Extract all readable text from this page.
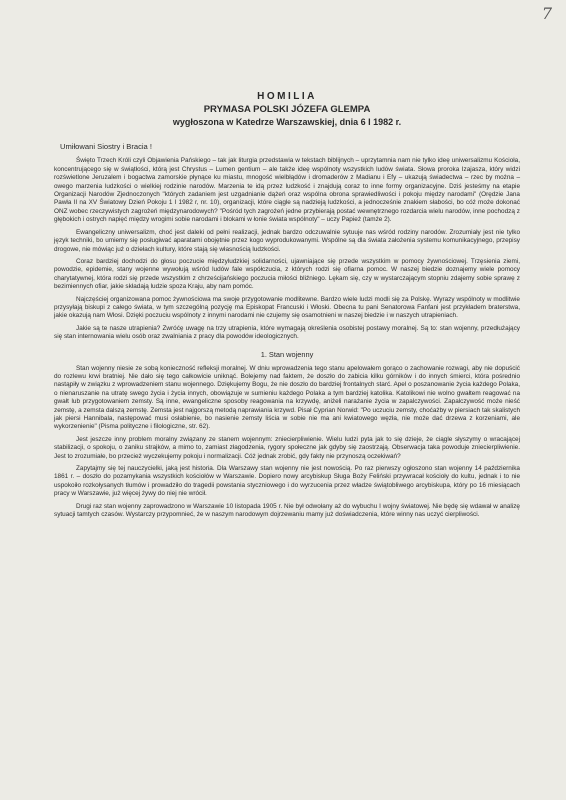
7
HOMILIA
PRYMASA POLSKI JÓZEFA GLEMPA
wygłoszona w Katedrze Warszawskiej, dnia 6 I 1982 r.
Umiłowani Siostry i Bracia !

Święto Trzech Króli czyli Objawienia Pańskiego – tak jak liturgia przedstawia w tekstach biblijnych – uprzytamnia nam nie tylko ideę uniwersalizmu Kościoła, koncentrującego się w świątłości, którą jest Chrystus – Lumen gentium – ale także ideę wspólnoty wszystkich ludów świata. Słowa proroka Izajasza, który widzi rozświetlone Jeruzalem i bogactwa zamorskie płynące ku miastu, mnogość wielbłądów i dromaderów z Madianu i Efy – ukazują świadectwa – rzec by można – owego marzenia ludzkości o wielkiej rodzinie narodów. Marzenia te idą przez ludzkość i znajdują coraz to inne formy organizacyjne. Dziś jesteśmy na etapie Organizacji Narodów Zjednoczonych "których zadaniem jest uzgadnianie dążeń oraz wspólna obrona sprawiedliwości i pokoju między narodami" (Orędzie Jana Pawła II na XV Światowy Dzień Pokoju 1 I 1982 r, nr. 10), organizacji, które ciągle są nadzieją ludzkości, a jednocześnie znakiem słabości, bo cóż może dokonać ONZ wobec rzeczywistych zagrożeń międzynarodowych? "Pośród tych zagrożeń jedne przybierają postać wewnętrznego rozdarcia wielu narodów, inne pochodzą z głębokich i ostrych napięć między wrogimi sobie narodami i blokami w łonie świata wspólnoty" – uczy Papież (tamże 2).

Ewangeliczny uniwersalizm, choć jest daleki od pełni realizacji, jednak bardzo odczuwalnie sytuuje nas wśród rodziny narodów. Zrozumiały jest nie tylko język techniki, bo umiemy się posługiwać aparatami obojętnie przez kogo wyprodukowanymi. Wspólne są dla świata założenia systemu komunikacyjnego, przepisy drogowe, nie mówiąc już o dziełach kultury, które stają się własnością ludzkości.

Coraz bardziej dochodzi do głosu poczucie międzyludzkiej solidarności, ujawniające się przede wszystkim w pomocy żywnościowej. Trzęsienia ziemi, powodzie, epidemie, stany wojenne wywołują wśród ludów fale współczucia, z których rodzi się ofiarna pomoc. W naszej biedzie doznajemy wiele pomocy charytatywnej, która rodzi się przede wszystkim z chrześcijańskiego poczucia miłości bliźniego. Lękam się, czy w wystarczającym stopniu zdajemy sobie sprawę z bezimiennych ofiar, jakie składają ludzie spoza Kraju, aby nam pomóc.

Najczęściej organizowana pomoc żywnościowa ma swoje przygotowanie modlitewne. Bardzo wiele ludzi modli się za Polskę. Wyrazy wspólnoty w modlitwie przysyłają biskupi z całego świata, w tym szczególną pozycję ma Episkopat Francuski i Włoski. Obecna tu pani Senatorowa Fanfani jest przykładem braterstwa, jakie okazują nam Włosi. Dzięki poczuciu wspólnoty z innymi narodami nie czujemy się osamotnieni w naszej biedzie i w naszych utrapieniach.

Jakie są te nasze utrapienia? Zwróćę uwagę na trzy utrapienia, które wymagają określenia osobistej postawy moralnej. Są to: stan wojenny, przedłużający się stan internowania wielu osób oraz zwalniania z pracy dla powodów ideologicznych.

1. Stan wojenny

Stan wojenny niesie ze sobą konieczność refleksji moralnej. W dniu wprowadzenia tego stanu apelowałem gorąco o zachowanie rozwagi, aby nie dopuścić do rozlewu krwi bratniej. Nie dało się tego całkowicie uniknąć. Bolejemy nad faktem, że doszło do zabicia kilku górników i do innych śmierci, która pośrednio nastąpiły w związku z wprowadzeniem stanu wojennego. Dziękujemy Bogu, że nie doszło do bardziej frontalnych starć. Apel o poszanowanie życia każdego Polaka, o nienaruszanie na utratę swego życia i życia innych, obowiązuje w sumieniu każdego Polaka a tym bardziej katolika. Katolikowi nie wolno gwałtem reagować na gwałt lub przygotowaniem zemsty. Są inne, ewangeliczne sposoby reagowania na krzywdę, aniżeli narażanie życia w zapalczywości. Zapalczywość może nieść zemstę, a zemsta dalszą zemstę. Zemsta jest najgorszą metodą naprawiania krzywd. Pisał Cyprian Norwid: "Po uczuciu zemsty, choćażby w piersiach tak skalistych jak piersi Hannibala, następować musi osłabienie, bo nasienie zemsty liścia w sobie nie ma ani kwiatowego węzła, nie może dać drzewa z korzeniami, ale wykorzenienie" (Pisma polityczne i filologiczne, str. 62).

Jest jeszcze inny problem moralny związany ze stanem wojennym: zniecierpliwienie. Wielu ludzi pyta jak to się dzieje, że ciągle słyszymy o wracającej stabilizacji, o spokoju, o zaniku strajków, a mimo to, zamiast złagodzenia, rygory społeczne jak gdyby się zaostrzają. Obserwacja taka powoduje zniecierpliwienie. Jest to zrozumiałe, bo przecież wyczekujemy pokoju i normalizacji. Cóż jednak zrobić, gdy fakty nie przynoszą oczekiwań?

Zapytajmy się tej nauczycielki, jaką jest historia. Dla Warszawy stan wojenny nie jest nowością. Po raz pierwszy ogłoszono stan wojenny 14 października 1861 r. – doszło do pozamykania wszystkich kościołów w Warszawie. Dopiero nowy arcybiskup Sługa Boży Feliński przywracał kościoły do kultu, jednak i to nie uspokoiło rozkołysanych tłumów i prowadziło do tragedii powstania styczniowego i do wyrzucenia przez władze świątobliwego arcybiskupa, który po 16 miesiącach pracy w Warszawie, już więcej żywy do niej nie wrócił.

Drugi raz stan wojenny zaprowadzono w Warszawie 10 listopada 1905 r. Nie był odwołany aż do wybuchu I wojny światowej. Nie będę się wdawał w analizę sytuacji tamtych czasów. Wystarczy przypomnieć, że w naszym narodowym dojrzewaniu mamy już doświadczenia, które winny nas uczyć cierpliwości.
